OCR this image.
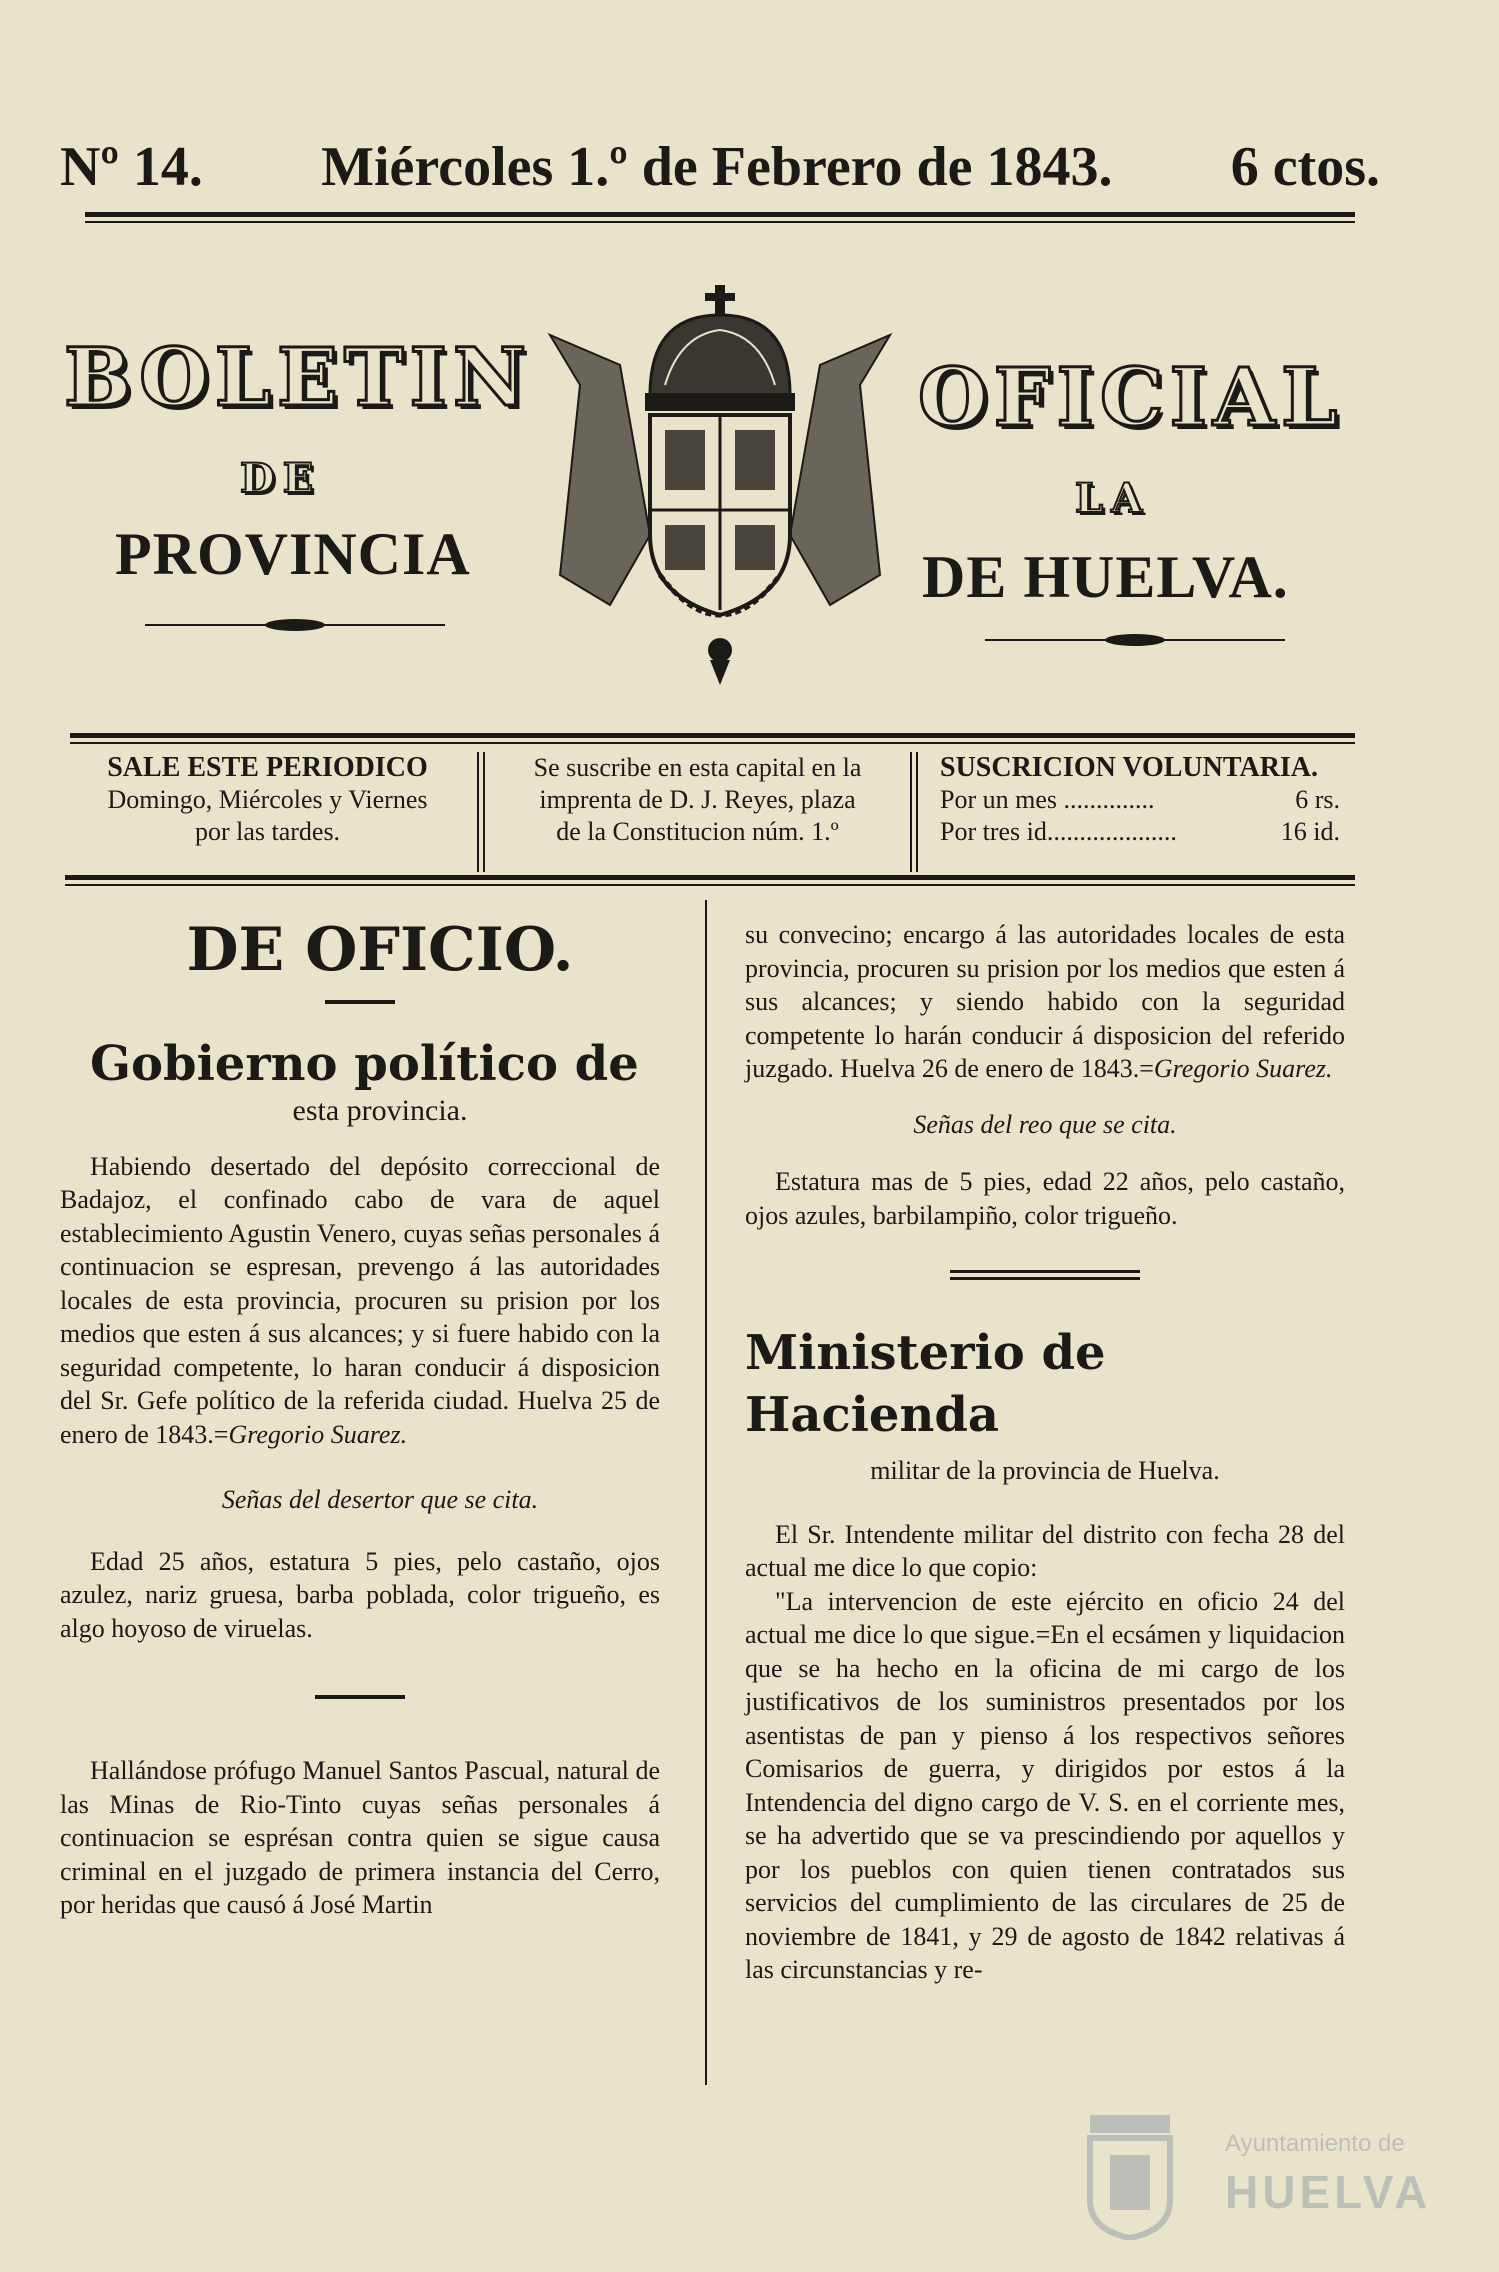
Nº 14. Miércoles 1.º de Febrero de 1843. 6 ctos.
BOLETIN	OFICIAL
DE	LA
PROVINCIA	DE HUELVA.
SALE ESTE PERIODICO
Domingo, Miércoles y Viernes
por las tardes.
Se suscribe en esta capital en la
imprenta de D. J. Reyes, plaza
de la Constitucion núm. 1.º
SUSCRICION VOLUNTARIA.
Por un mes ..............	6 rs.
Por tres id....................	16 id.
DE OFICIO.
Gobierno político de
esta provincia.

Habiendo desertado del depósito correccional de Badajoz, el confinado cabo de vara de aquel establecimiento Agustin Venero, cuyas señas personales á continuacion se espresan, prevengo á las autoridades locales de esta provincia, procuren su prision por los medios que esten á sus alcances; y si fuere habido con la seguridad competente, lo haran conducir á disposicion del Sr. Gefe político de la referida ciudad. Huelva 25 de enero de 1843.=Gregorio Suarez.

Señas del desertor que se cita.

Edad 25 años, estatura 5 pies, pelo castaño, ojos azulez, nariz gruesa, barba poblada, color trigueño, es algo hoyoso de viruelas.

Hallándose prófugo Manuel Santos Pascual, natural de las Minas de Rio-Tinto cuyas señas personales á continuacion se esprésan contra quien se sigue causa criminal en el juzgado de primera instancia del Cerro, por heridas que causó á José Martin

su convecino; encargo á las autoridades locales de esta provincia, procuren su prision por los medios que esten á sus alcances; y siendo habido con la seguridad competente lo harán conducir á disposicion del referido juzgado. Huelva 26 de enero de 1843.=Gregorio Suarez.

Señas del reo que se cita.

Estatura mas de 5 pies, edad 22 años, pelo castaño, ojos azules, barbilampiño, color trigueño.

Ministerio de Hacienda
militar de la provincia de Huelva.

El Sr. Intendente militar del distrito con fecha 28 del actual me dice lo que copio:

"La intervencion de este ejército en oficio 24 del actual me dice lo que sigue.=En el ecsámen y liquidacion que se ha hecho en la oficina de mi cargo de los justificativos de los suministros presentados por los asentistas de pan y pienso á los respectivos señores Comisarios de guerra, y dirigidos por estos á la Intendencia del digno cargo de V. S. en el corriente mes, se ha advertido que se va prescindiendo por aquellos y por los pueblos con quien tienen contratados sus servicios del cumplimiento de las circulares de 25 de noviembre de 1841, y 29 de agosto de 1842 relativas á las circunstancias y re-

Ayuntamiento de
HUELVA
